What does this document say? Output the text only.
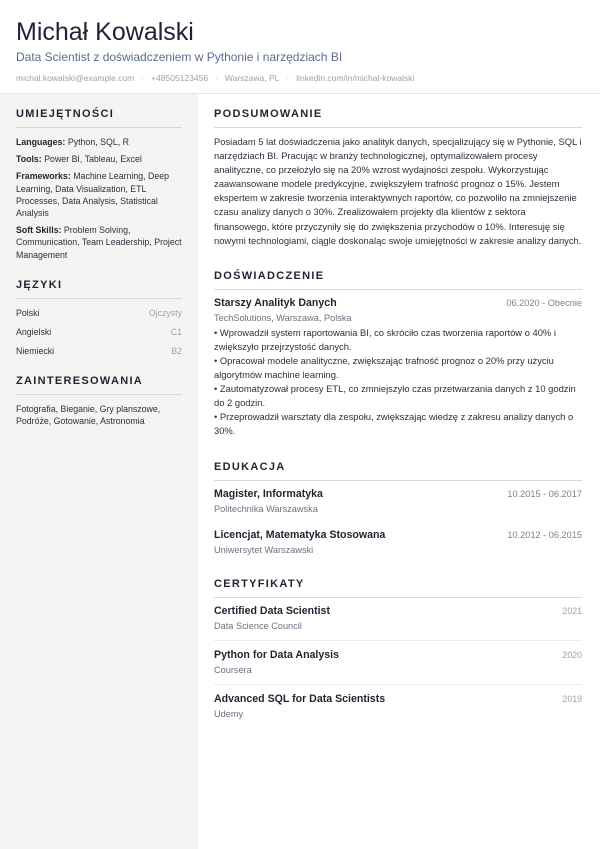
Michał Kowalski
Data Scientist z doświadczeniem w Pythonie i narzędziach BI
michal.kowalski@example.com · +48505123456 · Warszawa, PL · linkedin.com/in/michal-kowalski
UMIEJĘTNOŚCI
Languages: Python, SQL, R
Tools: Power BI, Tableau, Excel
Frameworks: Machine Learning, Deep Learning, Data Visualization, ETL Processes, Data Analysis, Statistical Analysis
Soft Skills: Problem Solving, Communication, Team Leadership, Project Management
JĘZYKI
Polski	Ojczysty
Angielski	C1
Niemiecki	B2
ZAINTERESOWANIA
Fotografia, Bieganie, Gry planszowe, Podróże, Gotowanie, Astronomia
PODSUMOWANIE
Posiadam 5 lat doświadczenia jako analityk danych, specjalizujący się w Pythonie, SQL i narzędziach BI. Pracując w branży technologicznej, optymalizowałem procesy analityczne, co przełożyło się na 20% wzrost wydajności zespołu. Wykorzystując zaawansowane modele predykcyjne, zwiększyłem trafność prognoz o 15%. Jestem ekspertem w zakresie tworzenia interaktywnych raportów, co pozwoliło na zmniejszenie czasu analizy danych o 30%. Zrealizowałem projekty dla klientów z sektora finansowego, które przyczyniły się do zwiększenia przychodów o 10%. Interesuję się nowymi technologiami, ciągle doskonaląc swoje umiejętności w zakresie analizy danych.
DOŚWIADCZENIE
Starszy Analityk Danych	06.2020 - Obecnie
TechSolutions, Warszawa, Polska
• Wprowadził system raportowania BI, co skróciło czas tworzenia raportów o 40% i zwiększyło przejrzystość danych.
• Opracował modele analityczne, zwiększając trafność prognoz o 20% przy użyciu algorytmów machine learning.
• Zautomatyzował procesy ETL, co zmniejszyło czas przetwarzania danych z 10 godzin do 2 godzin.
• Przeprowadził warsztaty dla zespołu, zwiększając wiedzę z zakresu analizy danych o 30%.
EDUKACJA
Magister, Informatyka	10.2015 - 06.2017
Politechnika Warszawska
Licencjat, Matematyka Stosowana	10.2012 - 06.2015
Uniwersytet Warszawski
CERTYFIKATY
Certified Data Scientist	2021
Data Science Council
Python for Data Analysis	2020
Coursera
Advanced SQL for Data Scientists	2019
Udemy
